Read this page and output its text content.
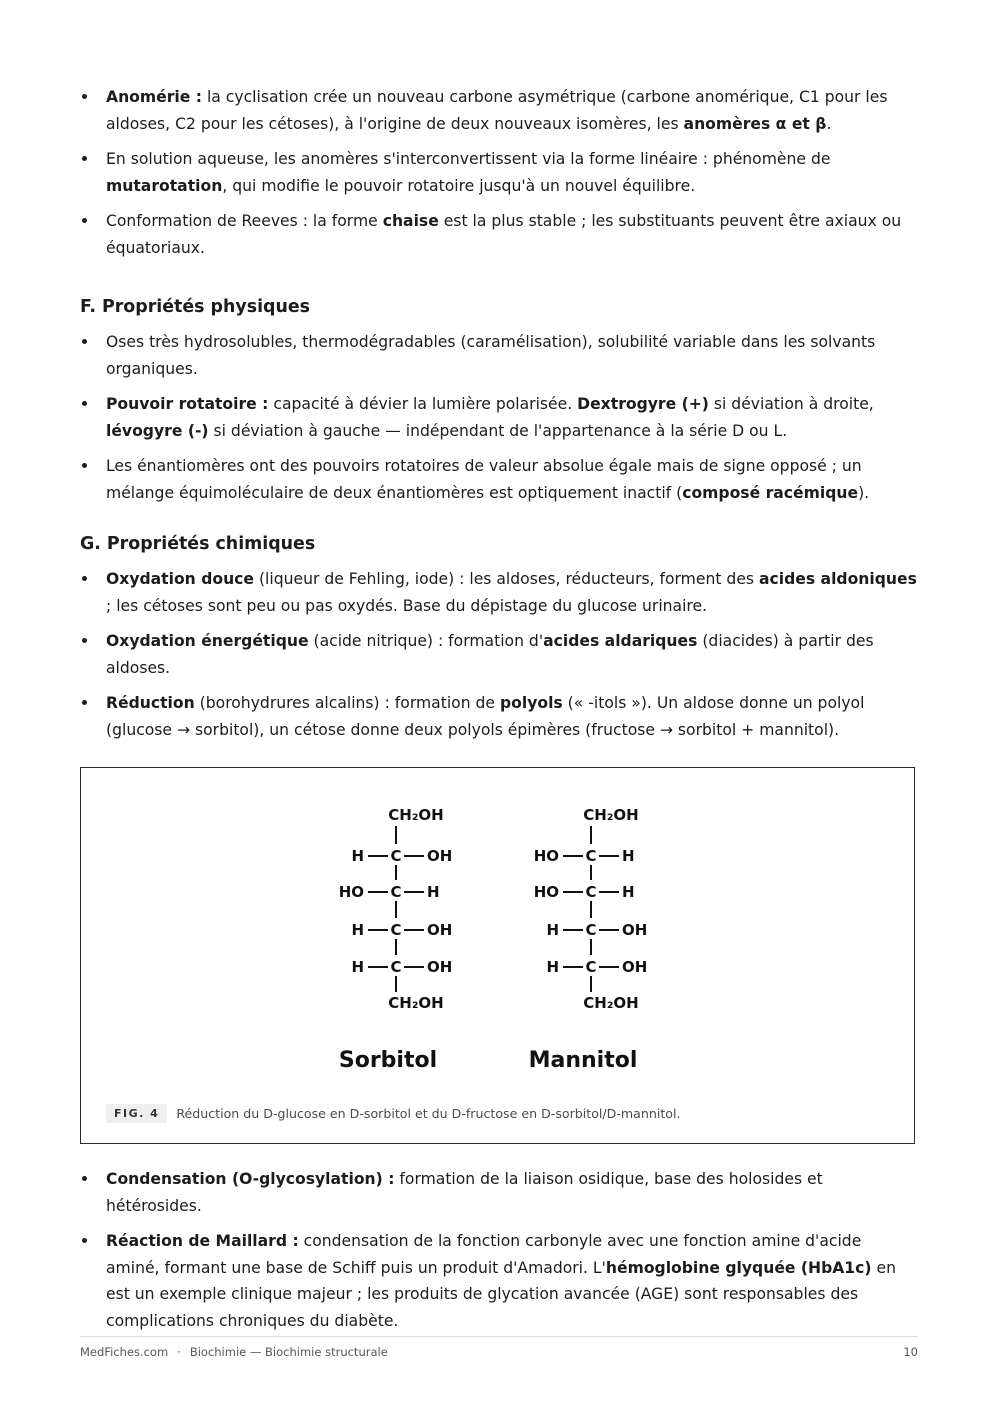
Anomérie : la cyclisation crée un nouveau carbone asymétrique (carbone anomérique, C1 pour les aldoses, C2 pour les cétoses), à l'origine de deux nouveaux isomères, les anomères α et β.
En solution aqueuse, les anomères s'interconvertissent via la forme linéaire : phénomène de mutarotation, qui modifie le pouvoir rotatoire jusqu'à un nouvel équilibre.
Conformation de Reeves : la forme chaise est la plus stable ; les substituants peuvent être axiaux ou équatoriaux.
F. Propriétés physiques
Oses très hydrosolubles, thermodégradables (caramélisation), solubilité variable dans les solvants organiques.
Pouvoir rotatoire : capacité à dévier la lumière polarisée. Dextrogyre (+) si déviation à droite, lévogyre (-) si déviation à gauche — indépendant de l'appartenance à la série D ou L.
Les énantiomères ont des pouvoirs rotatoires de valeur absolue égale mais de signe opposé ; un mélange équimoléculaire de deux énantiomères est optiquement inactif (composé racémique).
G. Propriétés chimiques
Oxydation douce (liqueur de Fehling, iode) : les aldoses, réducteurs, forment des acides aldoniques ; les cétoses sont peu ou pas oxydés. Base du dépistage du glucose urinaire.
Oxydation énergétique (acide nitrique) : formation d'acides aldariques (diacides) à partir des aldoses.
Réduction (borohydrures alcalins) : formation de polyols (« -itols »). Un aldose donne un polyol (glucose → sorbitol), un cétose donne deux polyols épimères (fructose → sorbitol + mannitol).
CH₂OH
C
H	OH
C
HO	H
C
H	OH
C
H	OH
CH₂OH
Sorbitol
CH₂OH
C
HO	H
C
HO	H
C
H	OH
C
H	OH
CH₂OH
Mannitol
FIG. 4	Réduction du D-glucose en D-sorbitol et du D-fructose en D-sorbitol/D-mannitol.
Condensation (O-glycosylation) : formation de la liaison osidique, base des holosides et hétérosides.
Réaction de Maillard : condensation de la fonction carbonyle avec une fonction amine d'acide aminé, formant une base de Schiff puis un produit d'Amadori. L'hémoglobine glyquée (HbA1c) en est un exemple clinique majeur ; les produits de glycation avancée (AGE) sont responsables des complications chroniques du diabète.
MedFiches.com · Biochimie — Biochimie structurale	10
